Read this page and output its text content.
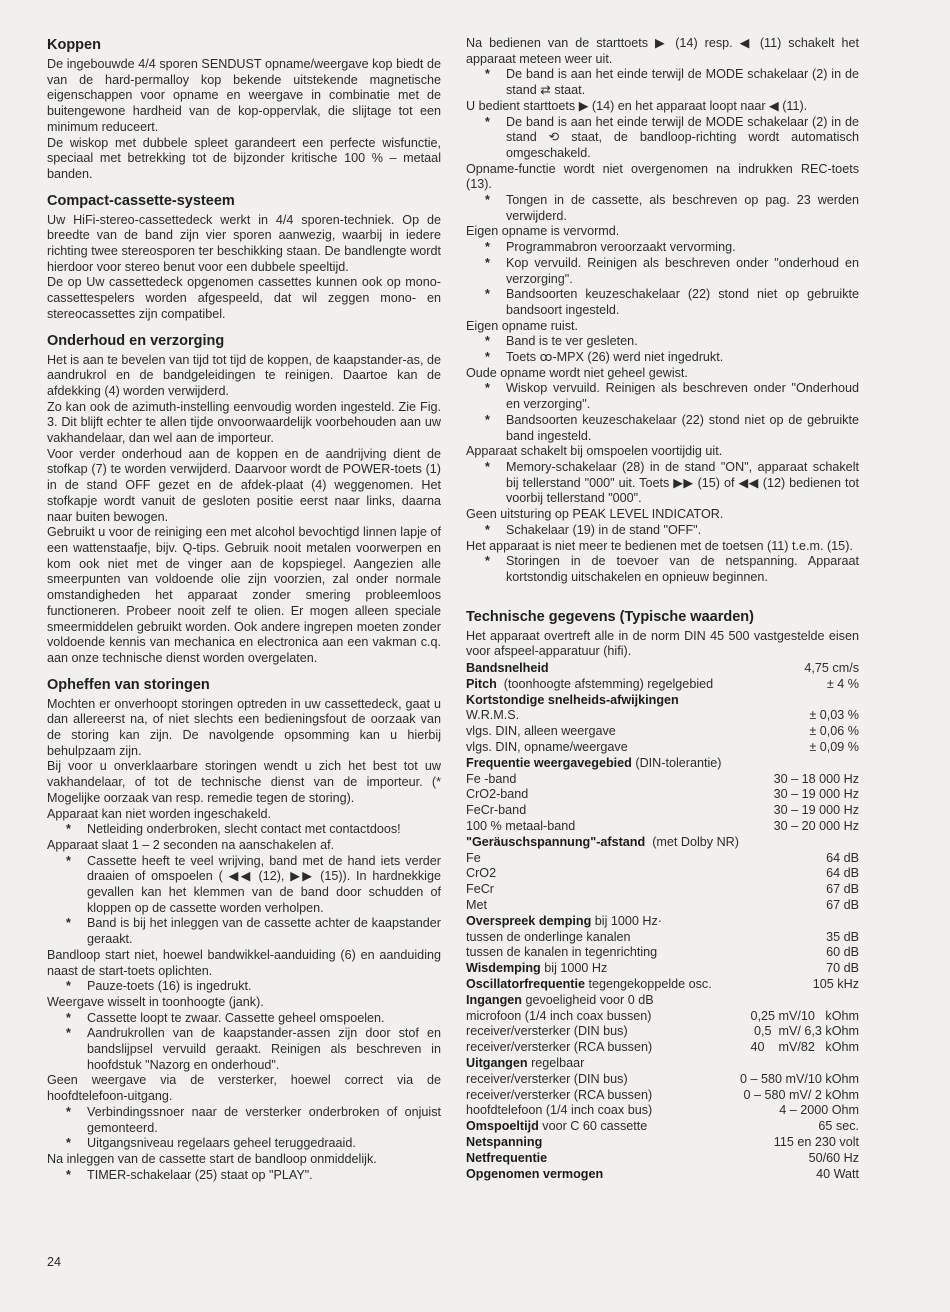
Koppen

De ingebouwde 4/4 sporen SENDUST opname/weergave kop biedt de van de hard-permalloy kop bekende uitstekende magnetische eigenschappen voor opname en weergave in combinatie met de buitengewone hardheid van de kop-oppervlak, die slijtage tot een minimum reduceert.

De wiskop met dubbele spleet garandeert een perfecte wisfunctie, speciaal met betrekking tot de bijzonder kritische 100 % – metaal banden.

Compact-cassette-systeem

Uw HiFi-stereo-cassettedeck werkt in 4/4 sporen-techniek. Op de breedte van de band zijn vier sporen aanwezig, waarbij in iedere richting twee stereosporen ter beschikking staan. De bandlengte wordt hierdoor voor stereo benut voor een dubbele speeltijd.

De op Uw cassettedeck opgenomen cassettes kunnen ook op mono-cassettespelers worden afgespeeld, dat wil zeggen mono- en stereocassettes zijn compatibel.

Onderhoud en verzorging

Het is aan te bevelen van tijd tot tijd de koppen, de kaapstander-as, de aandrukrol en de bandgeleidingen te reinigen. Daartoe kan de afdekking (4) worden verwijderd.

Zo kan ook de azimuth-instelling eenvoudig worden ingesteld. Zie Fig. 3. Dit blijft echter te allen tijde onvoorwaardelijk voorbehouden aan uw vakhandelaar, dan wel aan de importeur.

Voor verder onderhoud aan de koppen en de aandrijving dient de stofkap (7) te worden verwijderd. Daarvoor wordt de POWER-toets (1) in de stand OFF gezet en de afdek-plaat (4) weggenomen. Het stofkapje wordt vanuit de gesloten positie eerst naar links, daarna naar buiten bewogen.

Gebruikt u voor de reiniging een met alcohol bevochtigd linnen lapje of een wattenstaafje, bijv. Q-tips. Gebruik nooit metalen voorwerpen en kom ook niet met de vinger aan de kopspiegel. Aangezien alle smeerpunten van voldoende olie zijn voorzien, zal onder normale omstandigheden het apparaat zonder smering probleemloos functioneren. Probeer nooit zelf te olien. Er mogen alleen speciale smeermiddelen gebruikt worden. Ook andere ingrepen moeten zonder voldoende kennis van mechanica en electronica aan een vakman c.q. aan onze technische dienst worden overgelaten.

Opheffen van storingen

Mochten er onverhoopt storingen optreden in uw cassettedeck, gaat u dan allereerst na, of niet slechts een bedieningsfout de oorzaak van de storing kan zijn. De navolgende opsomming kan u hierbij behulpzaam zijn.

Bij voor u onverklaarbare storingen wendt u zich het best tot uw vakhandelaar, of tot de technische dienst van de importeur. (* Mogelijke oorzaak van resp. remedie tegen de storing).

Apparaat kan niet worden ingeschakeld.

* Netleiding onderbroken, slecht contact met contactdoos!

Apparaat slaat 1 – 2 seconden na aanschakelen af.

* Cassette heeft te veel wrijving, band met de hand iets verder draaien of omspoelen ( ◀◀ (12), ▶▶ (15)). In hardnekkige gevallen kan het klemmen van de band door schudden of kloppen op de cassette worden verholpen.
* Band is bij het inleggen van de cassette achter de kaapstander geraakt.

Bandloop start niet, hoewel bandwikkel-aanduiding (6) en aanduiding naast de start-toets oplichten.

* Pauze-toets (16) is ingedrukt.

Weergave wisselt in toonhoogte (jank).

* Cassette loopt te zwaar. Cassette geheel omspoelen.
* Aandrukrollen van de kaapstander-assen zijn door stof en bandslijpsel vervuild geraakt. Reinigen als beschreven in hoofdstuk "Nazorg en onderhoud".

Geen weergave via de versterker, hoewel correct via de hoofdtelefoon-uitgang.

* Verbindingssnoer naar de versterker onderbroken of onjuist gemonteerd.
* Uitgangsniveau regelaars geheel teruggedraaid.

Na inleggen van de cassette start de bandloop onmiddelijk.

* TIMER-schakelaar (25) staat op "PLAY".

Na bedienen van de starttoets ▶ (14) resp. ◀ (11) schakelt het apparaat meteen weer uit.

* De band is aan het einde terwijl de MODE schakelaar (2) in de stand ⇄ staat.

U bedient starttoets ▶ (14) en het apparaat loopt naar ◀ (11).

* De band is aan het einde terwijl de MODE schakelaar (2) in de stand ⟲ staat, de bandloop-richting wordt automatisch omgeschakeld.

Opname-functie wordt niet overgenomen na indrukken REC-toets (13).

* Tongen in de cassette, als beschreven op pag. 23 werden verwijderd.

Eigen opname is vervormd.

* Programmabron veroorzaakt vervorming.
* Kop vervuild. Reinigen als beschreven onder "onderhoud en verzorging".
* Bandsoorten keuzeschakelaar (22) stond niet op gebruikte bandsoort ingesteld.

Eigen opname ruist.

* Band is te ver gesleten.
* Toets ꝏ-MPX (26) werd niet ingedrukt.

Oude opname wordt niet geheel gewist.

* Wiskop vervuild. Reinigen als beschreven onder "Onderhoud en verzorging".
* Bandsoorten keuzeschakelaar (22) stond niet op de gebruikte band ingesteld.

Apparaat schakelt bij omspoelen voortijdig uit.

* Memory-schakelaar (28) in de stand "ON", apparaat schakelt bij tellerstand "000" uit. Toets ▶▶ (15) of ◀◀ (12) bedienen tot voorbij tellerstand "000".

Geen uitsturing op PEAK LEVEL INDICATOR.

* Schakelaar (19) in de stand "OFF".

Het apparaat is niet meer te bedienen met de toetsen (11) t.e.m. (15).

* Storingen in de toevoer van de netspanning. Apparaat kortstondig uitschakelen en opnieuw beginnen.
Technische gegevens (Typische waarden)

Het apparaat overtreft alle in de norm DIN 45 500 vastgestelde eisen voor afspeel-apparatuur (hifi).

Bandsnelheid	4,75 cm/s
Pitch (toonhoogte afstemming) regelgebied	± 4 %
Kortstondige snelheids-afwijkingen	
W.R.M.S.	± 0,03 %
vlgs. DIN, alleen weergave	± 0,06 %
vlgs. DIN, opname/weergave	± 0,09 %
Frequentie weergavegebied (DIN-tolerantie)	
Fe -band	30 – 18 000 Hz
CrO2-band	30 – 19 000 Hz
FeCr-band	30 – 19 000 Hz
100 % metaal-band	30 – 20 000 Hz
"Geräuschspannung"-afstand (met Dolby NR)	
Fe	64 dB
CrO2	64 dB
FeCr	67 dB
Met	67 dB
Overspreek demping bij 1000 Hz·	
tussen de onderlinge kanalen	35 dB
tussen de kanalen in tegenrichting	60 dB
Wisdemping bij 1000 Hz	70 dB
Oscillatorfrequentie tegengekoppelde osc.	105 kHz
Ingangen gevoeligheid voor 0 dB	
microfoon (1/4 inch coax bussen)	0,25 mV/10   kOhm
receiver/versterker (DIN bus)	0,5  mV/ 6,3 kOhm
receiver/versterker (RCA bussen)	40    mV/82   kOhm
Uitgangen regelbaar	
receiver/versterker (DIN bus)	0 – 580 mV/10 kOhm
receiver/versterker (RCA bussen)	0 – 580 mV/ 2 kOhm
hoofdtelefoon (1/4 inch coax bus)	4 – 2000 Ohm
Omspoeltijd voor C 60 cassette	65 sec.
Netspanning	115 en 230 volt
Netfrequentie	50/60 Hz
Opgenomen vermogen	40 Watt
24
